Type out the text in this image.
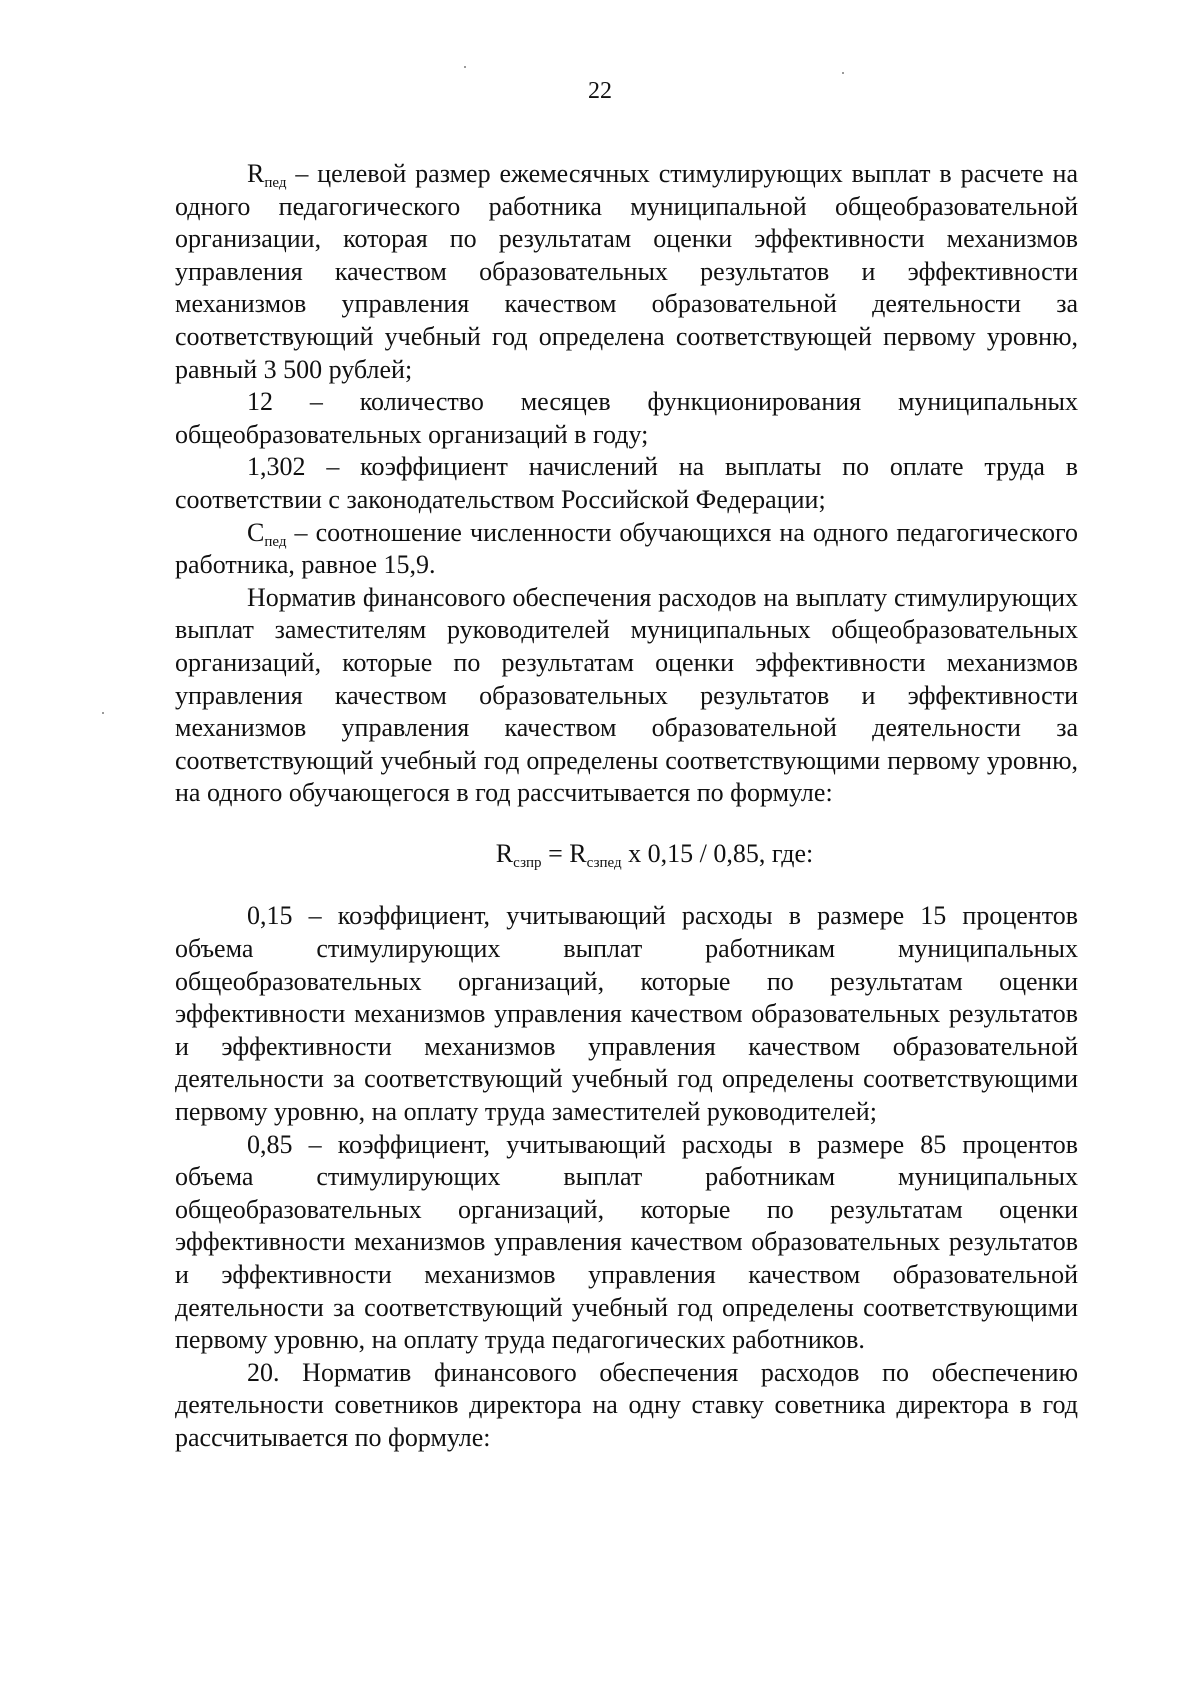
22

$R_{пед}$ – целевой размер ежемесячных стимулирующих выплат в расчете на одного педагогического работника муниципальной общеобразовательной организации, которая по результатам оценки эффективности механизмов управления качеством образовательных результатов и эффективности механизмов управления качеством образовательной деятельности за соответствующий учебный год определена соответствующей первому уровню, равный 3 500 рублей;

12 – количество месяцев функционирования муниципальных общеобразовательных организаций в году;

1,302 – коэффициент начислений на выплаты по оплате труда в соответствии с законодательством Российской Федерации;

$C_{пед}$ – соотношение численности обучающихся на одного педагогического работника, равное 15,9.

Норматив финансового обеспечения расходов на выплату стимулирующих выплат заместителям руководителей муниципальных общеобразовательных организаций, которые по результатам оценки эффективности механизмов управления качеством образовательных результатов и эффективности механизмов управления качеством образовательной деятельности за соответствующий учебный год определены соответствующими первому уровню, на одного обучающегося в год рассчитывается по формуле:

$R_{сзпр} = R_{сзпед}$ x 0,15 / 0,85, где:

0,15 – коэффициент, учитывающий расходы в размере 15 процентов объема стимулирующих выплат работникам муниципальных общеобразовательных организаций, которые по результатам оценки эффективности механизмов управления качеством образовательных результатов и эффективности механизмов управления качеством образовательной деятельности за соответствующий учебный год определены соответствующими первому уровню, на оплату труда заместителей руководителей;

0,85 – коэффициент, учитывающий расходы в размере 85 процентов объема стимулирующих выплат работникам муниципальных общеобразовательных организаций, которые по результатам оценки эффективности механизмов управления качеством образовательных результатов и эффективности механизмов управления качеством образовательной деятельности за соответствующий учебный год определены соответствующими первому уровню, на оплату труда педагогических работников.

20. Норматив финансового обеспечения расходов по обеспечению деятельности советников директора на одну ставку советника директора в год рассчитывается по формуле:
